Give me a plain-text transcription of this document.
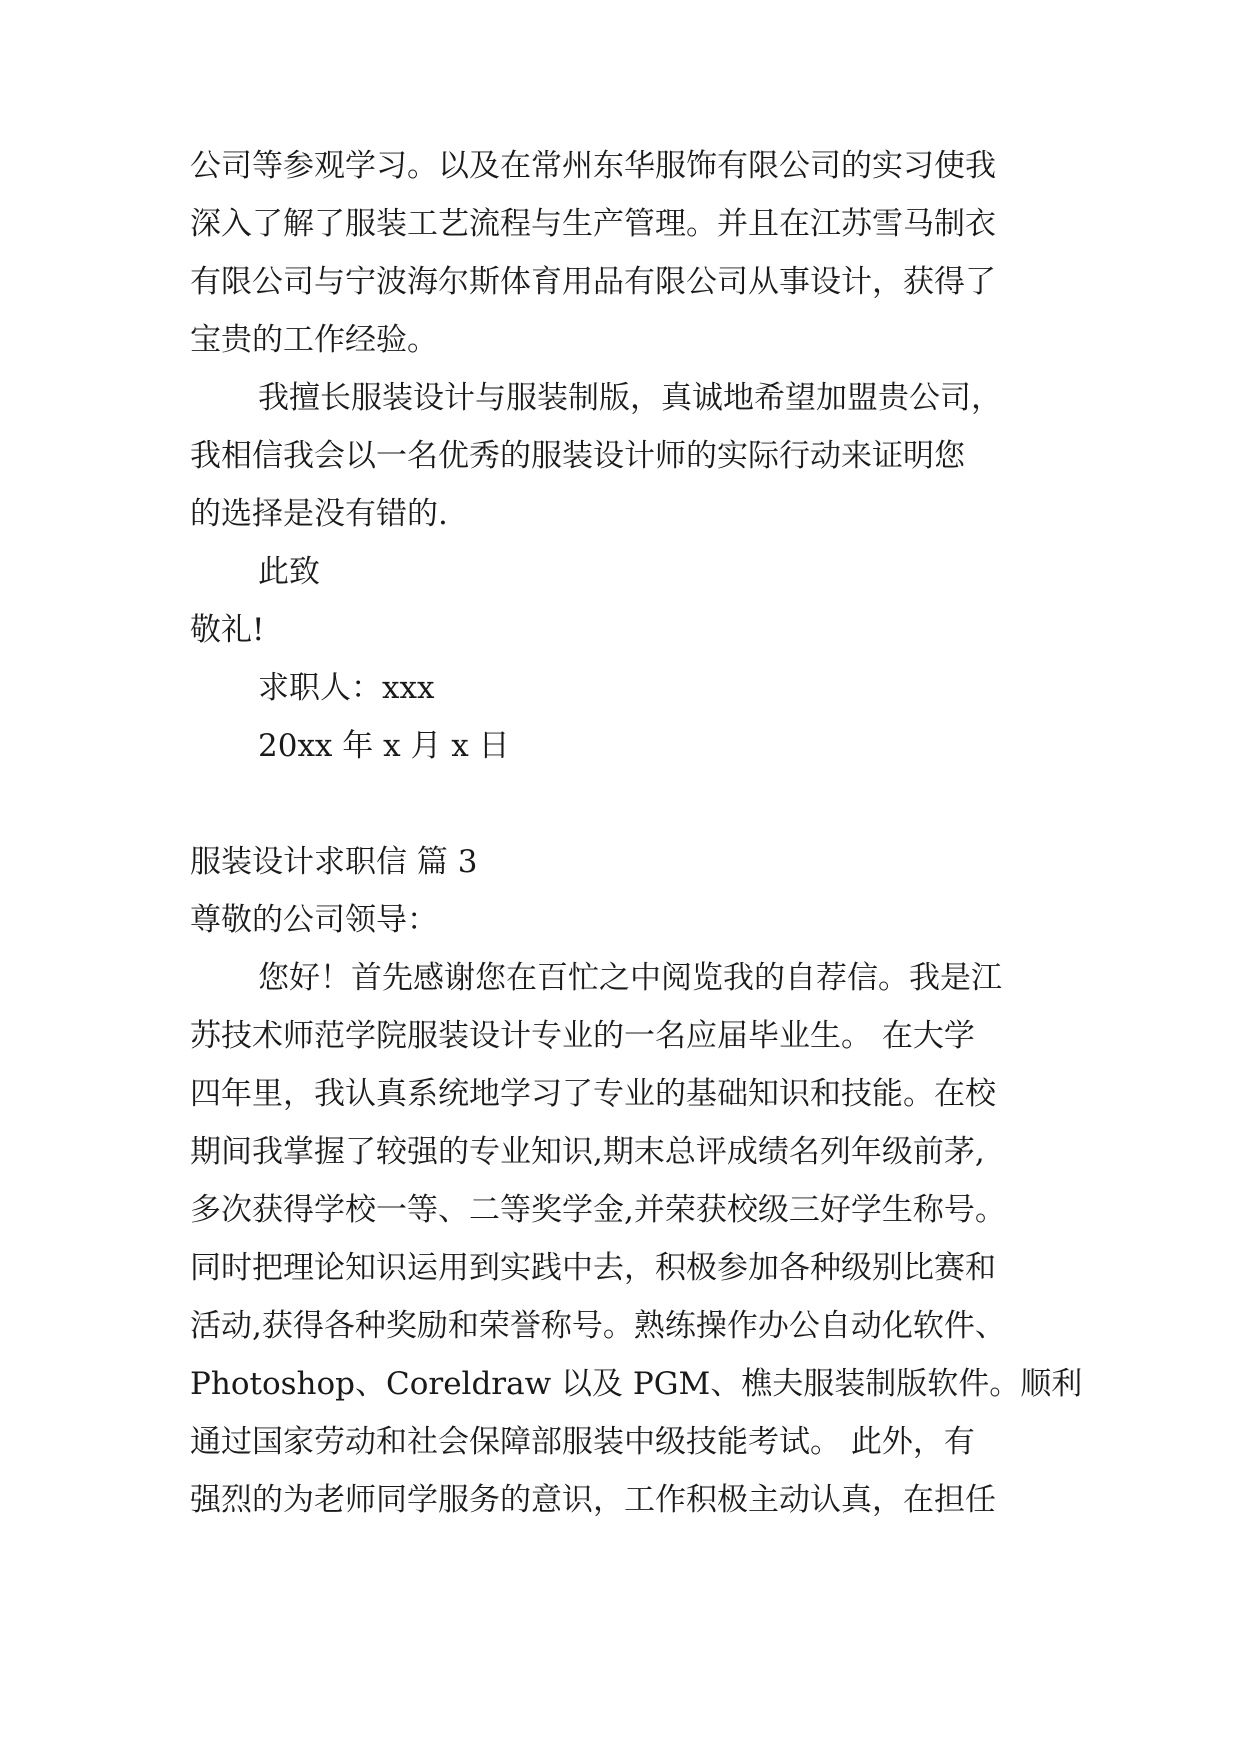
公司等参观学习。以及在常州东华服饰有限公司的实习使我
深入了解了服装工艺流程与生产管理。并且在江苏雪马制衣
有限公司与宁波海尔斯体育用品有限公司从事设计，获得了
宝贵的工作经验。
我擅长服装设计与服装制版，真诚地希望加盟贵公司，
我相信我会以一名优秀的服装设计师的实际行动来证明您
的选择是没有错的.
此致
敬礼!
求职人：xxx
20xx 年 x 月 x 日
服装设计求职信 篇 3
尊敬的公司领导：
您好！首先感谢您在百忙之中阅览我的自荐信。我是江
苏技术师范学院服装设计专业的一名应届毕业生。 在大学
四年里，我认真系统地学习了专业的基础知识和技能。在校
期间我掌握了较强的专业知识,期末总评成绩名列年级前茅,
多次获得学校一等、二等奖学金,并荣获校级三好学生称号。
同时把理论知识运用到实践中去，积极参加各种级别比赛和
活动,获得各种奖励和荣誉称号。熟练操作办公自动化软件、
Photoshop、Coreldraw 以及 PGM、樵夫服装制版软件。顺利
通过国家劳动和社会保障部服装中级技能考试。 此外，有
强烈的为老师同学服务的意识，工作积极主动认真，在担任
